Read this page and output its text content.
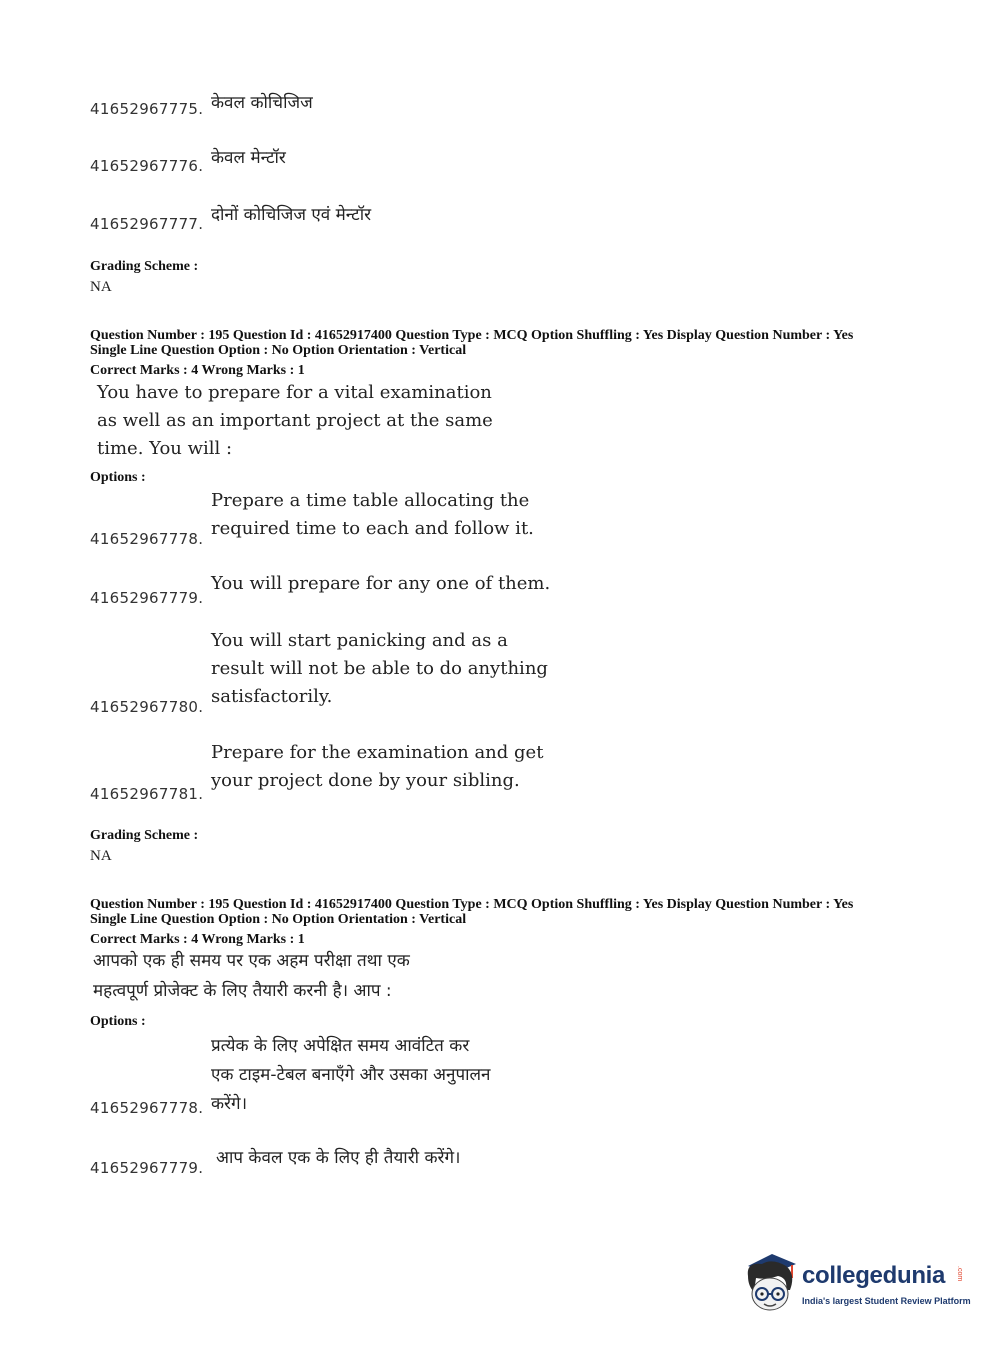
41652967775. केवल कोचिजिज
41652967776. केवल मेन्टॉर
41652967777. दोनों कोचिजिज एवं मेन्टॉर
Grading Scheme :
NA
Question Number : 195 Question Id : 41652917400 Question Type : MCQ Option Shuffling : Yes Display Question Number : Yes
Single Line Question Option : No Option Orientation : Vertical
Correct Marks : 4 Wrong Marks : 1
You have to prepare for a vital examination
as well as an important project at the same
time. You will :
Options :
Prepare a time table allocating the
required time to each and follow it.
41652967778.
You will prepare for any one of them.
41652967779.
You will start panicking and as a
result will not be able to do anything
satisfactorily.
41652967780.
Prepare for the examination and get
your project done by your sibling.
41652967781.
Grading Scheme :
NA
Question Number : 195 Question Id : 41652917400 Question Type : MCQ Option Shuffling : Yes Display Question Number : Yes
Single Line Question Option : No Option Orientation : Vertical
Correct Marks : 4 Wrong Marks : 1
आपको एक ही समय पर एक अहम परीक्षा तथा एक
महत्वपूर्ण प्रोजेक्ट के लिए तैयारी करनी है। आप :
Options :
प्रत्येक के लिए अपेक्षित समय आवंटित कर
एक टाइम-टेबल बनाएँगे और उसका अनुपालन
करेंगे।
41652967778.
आप केवल एक के लिए ही तैयारी करेंगे।
41652967779.
collegedunia .com
India's largest Student Review Platform
